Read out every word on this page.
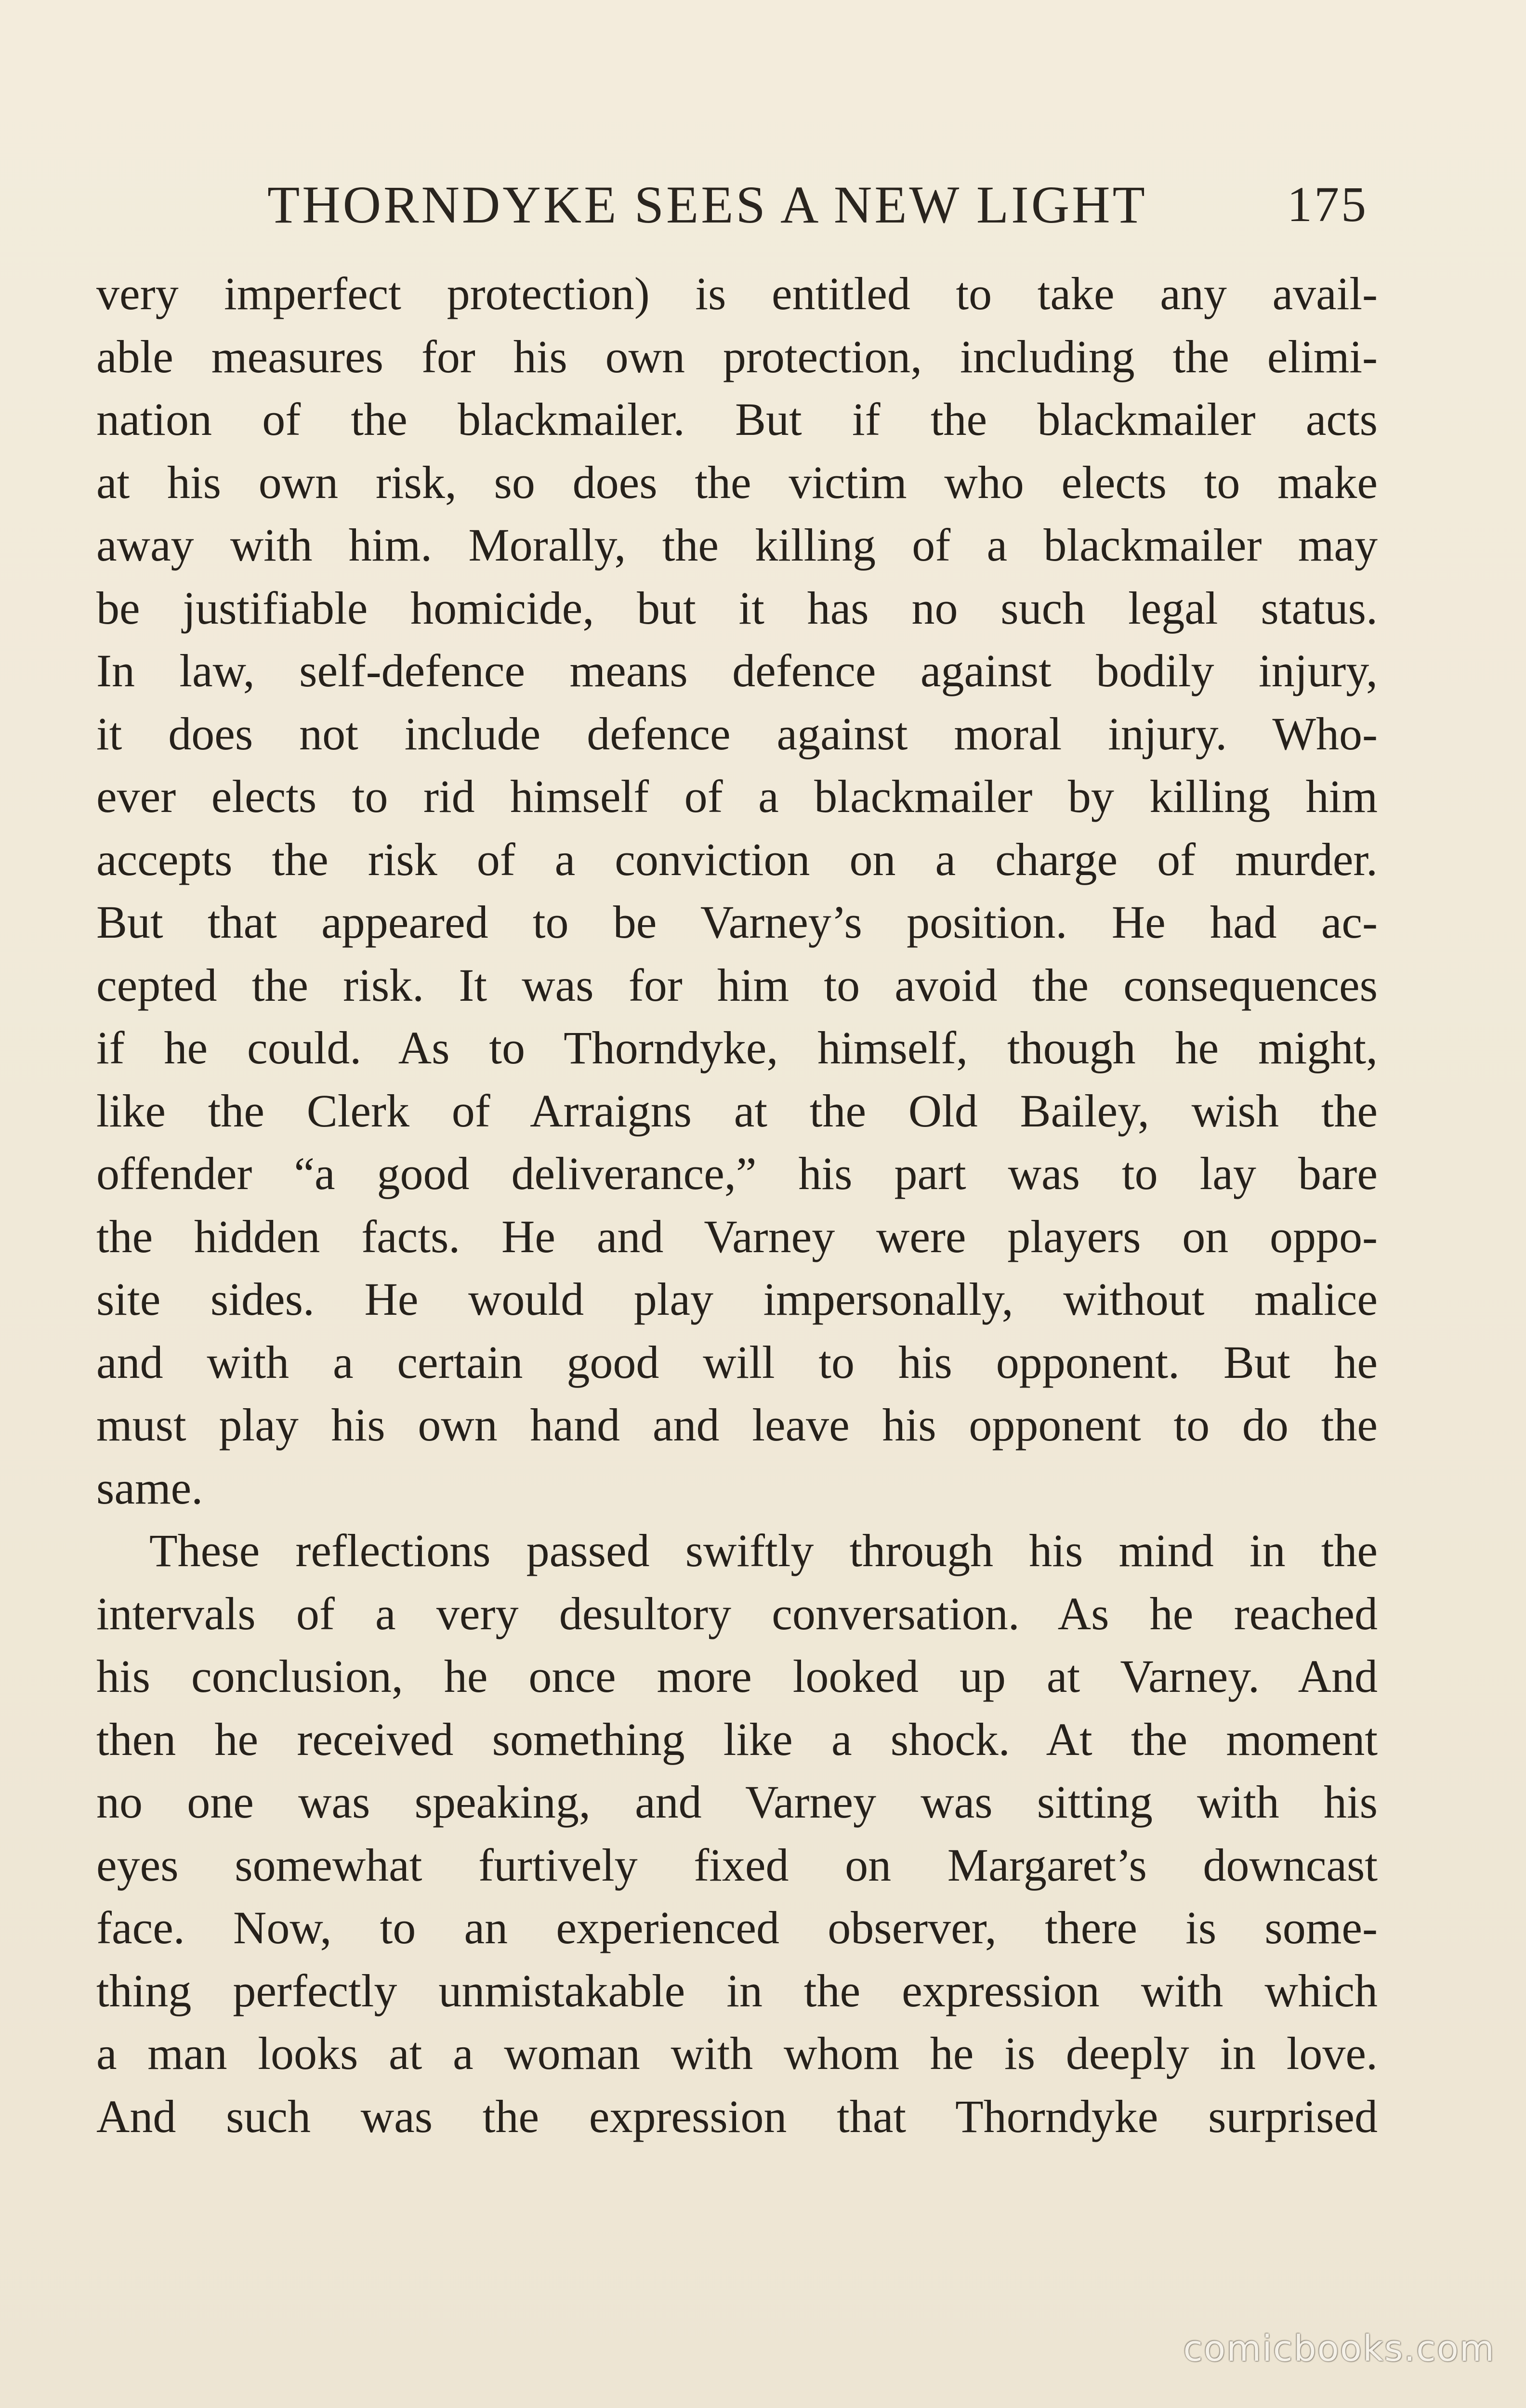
THORNDYKE SEES A NEW LIGHT	175
very imperfect protection) is entitled to take any avail-
able measures for his own protection, including the elimi-
nation of the blackmailer. But if the blackmailer acts
at his own risk, so does the victim who elects to make
away with him. Morally, the killing of a blackmailer may
be justifiable homicide, but it has no such legal status.
In law, self-defence means defence against bodily injury,
it does not include defence against moral injury. Who-
ever elects to rid himself of a blackmailer by killing him
accepts the risk of a conviction on a charge of murder.
But that appeared to be Varney’s position. He had ac-
cepted the risk. It was for him to avoid the consequences
if he could. As to Thorndyke, himself, though he might,
like the Clerk of Arraigns at the Old Bailey, wish the
offender “a good deliverance,” his part was to lay bare
the hidden facts. He and Varney were players on oppo-
site sides. He would play impersonally, without malice
and with a certain good will to his opponent. But he
must play his own hand and leave his opponent to do the
same.
These reflections passed swiftly through his mind in the
intervals of a very desultory conversation. As he reached
his conclusion, he once more looked up at Varney. And
then he received something like a shock. At the moment
no one was speaking, and Varney was sitting with his
eyes somewhat furtively fixed on Margaret’s downcast
face. Now, to an experienced observer, there is some-
thing perfectly unmistakable in the expression with which
a man looks at a woman with whom he is deeply in love.
And such was the expression that Thorndyke surprised
comicbooks.com
